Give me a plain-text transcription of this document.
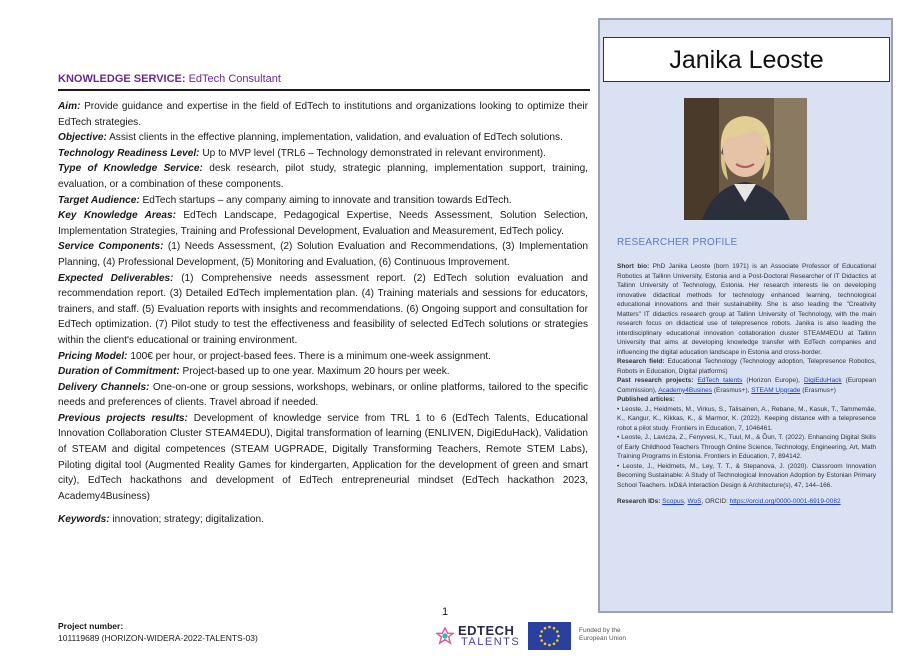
KNOWLEDGE SERVICE: EdTech Consultant

Aim: Provide guidance and expertise in the field of EdTech to institutions and organizations looking to optimize their EdTech strategies.

Objective: Assist clients in the effective planning, implementation, validation, and evaluation of EdTech solutions.

Technology Readiness Level: Up to MVP level (TRL6 – Technology demonstrated in relevant environment).

Type of Knowledge Service: desk research, pilot study, strategic planning, implementation support, training, evaluation, or a combination of these components.

Target Audience: EdTech startups – any company aiming to innovate and transition towards EdTech.

Key Knowledge Areas: EdTech Landscape, Pedagogical Expertise, Needs Assessment, Solution Selection, Implementation Strategies, Training and Professional Development, Evaluation and Measurement, EdTech policy.

Service Components: (1) Needs Assessment, (2) Solution Evaluation and Recommendations, (3) Implementation Planning, (4) Professional Development, (5) Monitoring and Evaluation, (6) Continuous Improvement.

Expected Deliverables: (1) Comprehensive needs assessment report. (2) EdTech solution evaluation and recommendation report. (3) Detailed EdTech implementation plan. (4) Training materials and sessions for educators, trainers, and staff. (5) Evaluation reports with insights and recommendations. (6) Ongoing support and consultation for EdTech optimization. (7) Pilot study to test the effectiveness and feasibility of selected EdTech solutions or strategies within the client's educational or training environment.

Pricing Model: 100€ per hour, or project-based fees. There is a minimum one-week assignment.

Duration of Commitment: Project-based up to one year. Maximum 20 hours per week.

Delivery Channels: One-on-one or group sessions, workshops, webinars, or online platforms, tailored to the specific needs and preferences of clients. Travel abroad if needed.

Previous projects results: Development of knowledge service from TRL 1 to 6 (EdTech Talents, Educational Innovation Collaboration Cluster STEAM4EDU), Digital transformation of learning (ENLIVEN, DigiEduHack), Validation of STEAM and digital competences (STEAM UGPRADE, Digitally Transforming Teachers, Remote STEM Labs), Piloting digital tool (Augmented Reality Games for kindergarten, Application for the development of green and smart city), EdTech hackathons and development of EdTech entrepreneurial mindset (EdTech hackathon 2023, Academy4Business)

Keywords: innovation; strategy; digitalization.

1
Project number:
101119689 (HORIZON-WIDERA-2022-TALENTS-03)	EDTECH
TALENTS
Funded by the
European Union
Janika Leoste
RESEARCHER PROFILE

Short bio: PhD Janika Leoste (born 1971) is an Associate Professor of Educational Robotics at Tallinn University, Estonia and a Post-Doctoral Researcher of IT Didactics at Tallinn University of Technology, Estonia. Her research interests lie on developing innovative didactical methods for technology enhanced learning, technological educational innovations and their sustainability. She is also leading the "Creativity Matters" IT didactics research group at Tallinn University of Technology, with the main research focus on didactical use of telepresence robots. Janika is also leading the interdisciplinary educational innovation collaboration cluster STEAM4EDU at Tallinn University that aims at developing knowledge transfer with EdTech companies and influencing the digital education landscape in Estonia and cross-border.

Research field: Educational Technology (Technology adoption, Telepresence Robotics, Robots in Education, Digital platforms)

Past research projects: EdTech talents (Horizon Europe), DigiEduHack (European Commission), Academy4Busines (Erasmus+), STEAM Upgrade (Erasmus+)

Published articles:

• Leoste, J., Heidmets, M., Virkus, S., Talisainen, A., Rebane, M., Kasuk, T., Tammemäe, K., Kangur, K., Kikkas, K., & Marmor, K. (2022). Keeping distance with a telepresence robot a pilot study. Frontiers in Education, 7, 1046461.

• Leoste, J., Lavicza, Z., Fenyvesi, K., Tuul, M., & Õun, T. (2022). Enhancing Digital Skills of Early Childhood Teachers Through Online Science, Technology, Engineering, Art, Math Training Programs in Estonia. Frontiers in Education, 7, 894142.

• Leoste, J., Heidmets, M., Ley, T. T., & Stepanova, J. (2020). Classroom Innovation Becoming Sustainable: A Study of Technological Innovation Adoption by Estonian Primary School Teachers. IxD&A Interaction Design & Architecture(s), 47, 144–166.

Research IDs: Scopus, WoS, ORCID: https://orcid.org/0000-0001-6919-0082
